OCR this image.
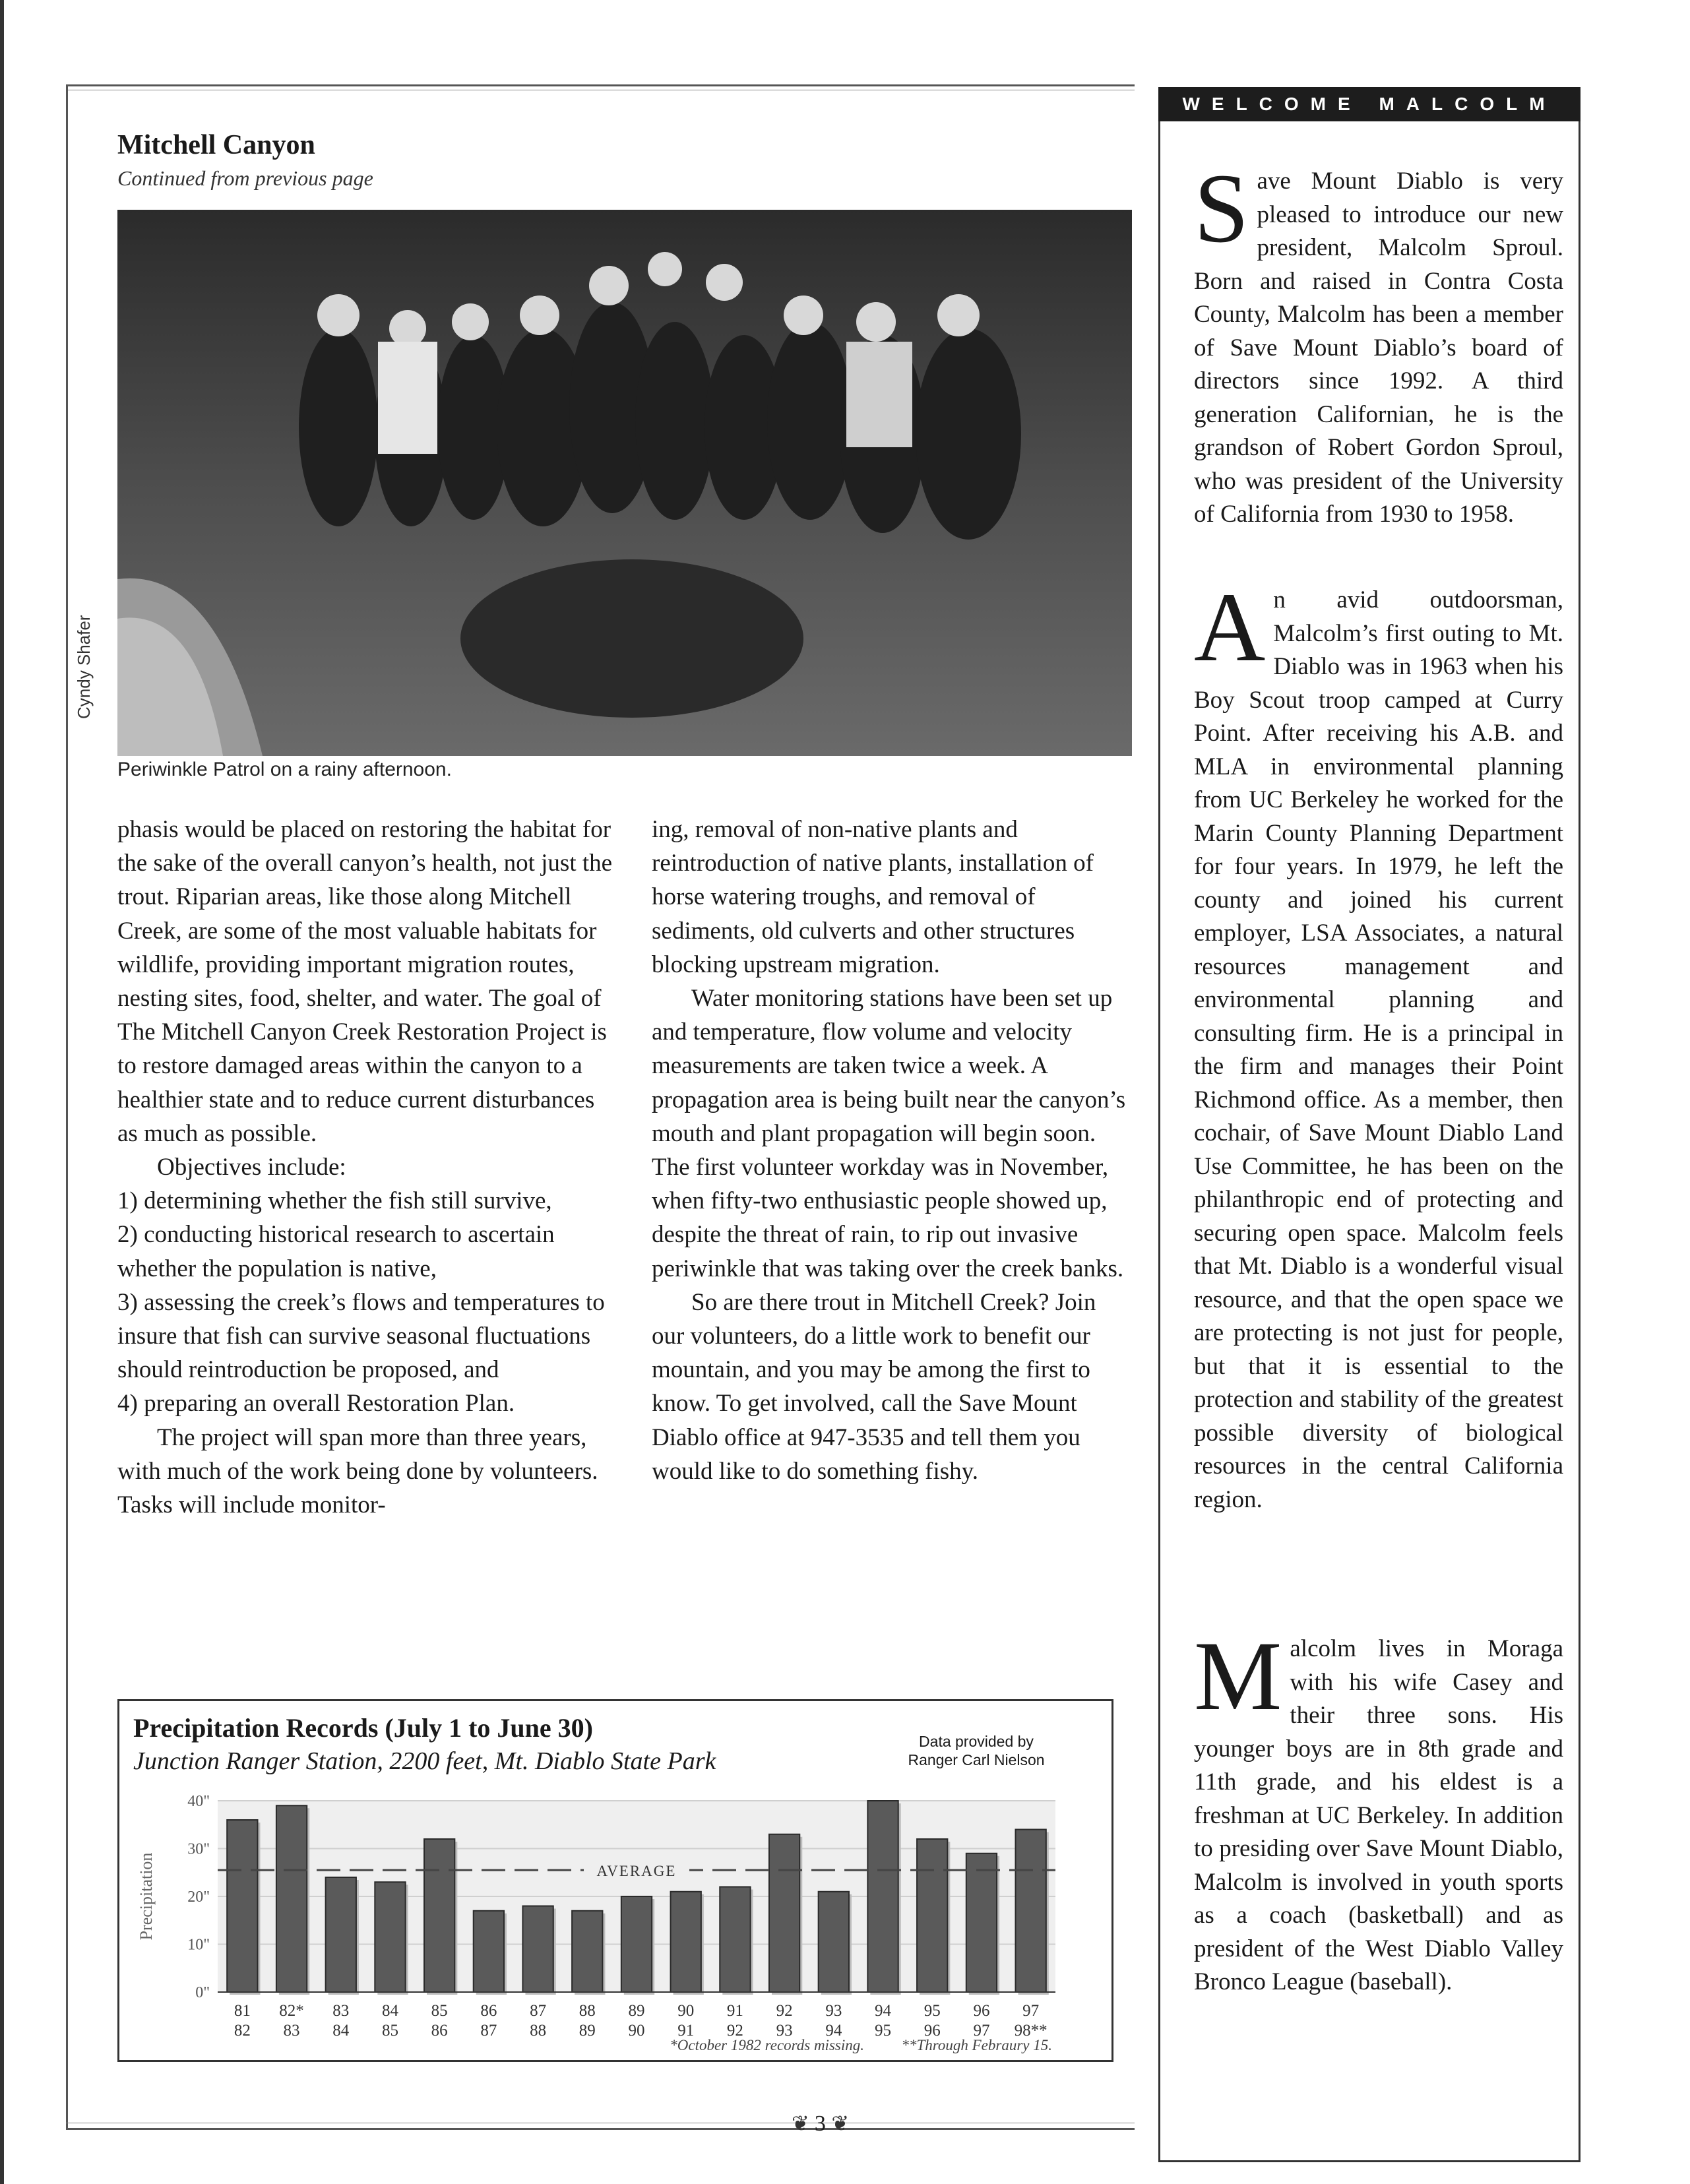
Mitchell Canyon
Continued from previous page
Cyndy Shafer
Periwinkle Patrol on a rainy afternoon.

phasis would be placed on restoring the habitat for the sake of the overall canyon’s health, not just the trout. Riparian areas, like those along Mitchell Creek, are some of the most valuable habitats for wildlife, providing important migration routes, nesting sites, food, shelter, and water. The goal of The Mitchell Canyon Creek Restoration Project is to restore damaged areas within the canyon to a healthier state and to reduce current disturbances as much as possible.

Objectives include:

1) determining whether the fish still survive,

2) conducting historical research to ascertain whether the population is native,

3) assessing the creek’s flows and temperatures to insure that fish can survive seasonal fluctuations should reintroduction be proposed, and

4) preparing an overall Restoration Plan.

The project will span more than three years, with much of the work being done by volunteers. Tasks will include monitor-

ing, removal of non-native plants and reintroduction of native plants, installation of horse watering troughs, and removal of sediments, old culverts and other structures blocking upstream migration.

Water monitoring stations have been set up and temperature, flow volume and velocity measurements are taken twice a week. A propagation area is being built near the canyon’s mouth and plant propagation will begin soon. The first volunteer workday was in November, when fifty-two enthusiastic people showed up, despite the threat of rain, to rip out invasive periwinkle that was taking over the creek banks.

So are there trout in Mitchell Creek? Join our volunteers, do a little work to benefit our mountain, and you may be among the first to know. To get involved, call the Save Mount Diablo office at 947-3535 and tell them you would like to do something fishy.

WELCOME MALCOLM

Save Mount Diablo is very pleased to introduce our new president, Malcolm Sproul. Born and raised in Contra Costa County, Malcolm has been a member of Save Mount Diablo’s board of directors since 1992. A third generation Californian, he is the grandson of Robert Gordon Sproul, who was president of the University of California from 1930 to 1958.

An avid outdoorsman, Malcolm’s first outing to Mt. Diablo was in 1963 when his Boy Scout troop camped at Curry Point. After receiving his A.B. and MLA in environmental planning from UC Berkeley he worked for the Marin County Planning Department for four years. In 1979, he left the county and joined his current employer, LSA Associates, a natural resources management and environmental planning and consulting firm. He is a principal in the firm and manages their Point Richmond office. As a member, then cochair, of Save Mount Diablo Land Use Committee, he has been on the philanthropic end of protecting and securing open space. Malcolm feels that Mt. Diablo is a wonderful visual resource, and that the open space we are protecting is not just for people, but that it is essential to the protection and stability of the greatest possible diversity of biological resources in the central California region.

Malcolm lives in Moraga with his wife Casey and their three sons. His younger boys are in 8th grade and 11th grade, and his eldest is a freshman at UC Berkeley. In addition to presiding over Save Mount Diablo, Malcolm is involved in youth sports as a coach (basketball) and as president of the West Diablo Valley Bronco League (baseball).

Precipitation Records (July 1 to June 30)
Junction Ranger Station, 2200 feet, Mt. Diablo State Park
Data provided by
Ranger Carl Nielson
0"
10"
20"
30"
40"
Precipitation
81
82
82*
83
83
84
84
85
85
86
86
87
87
88
88
89
89
90
90
91
91
92
92
93
93
94
94
95
95
96
96
97
97
98**
AVERAGE
*October 1982 records missing. **Through Febraury 15.
❦ 3 ❦
